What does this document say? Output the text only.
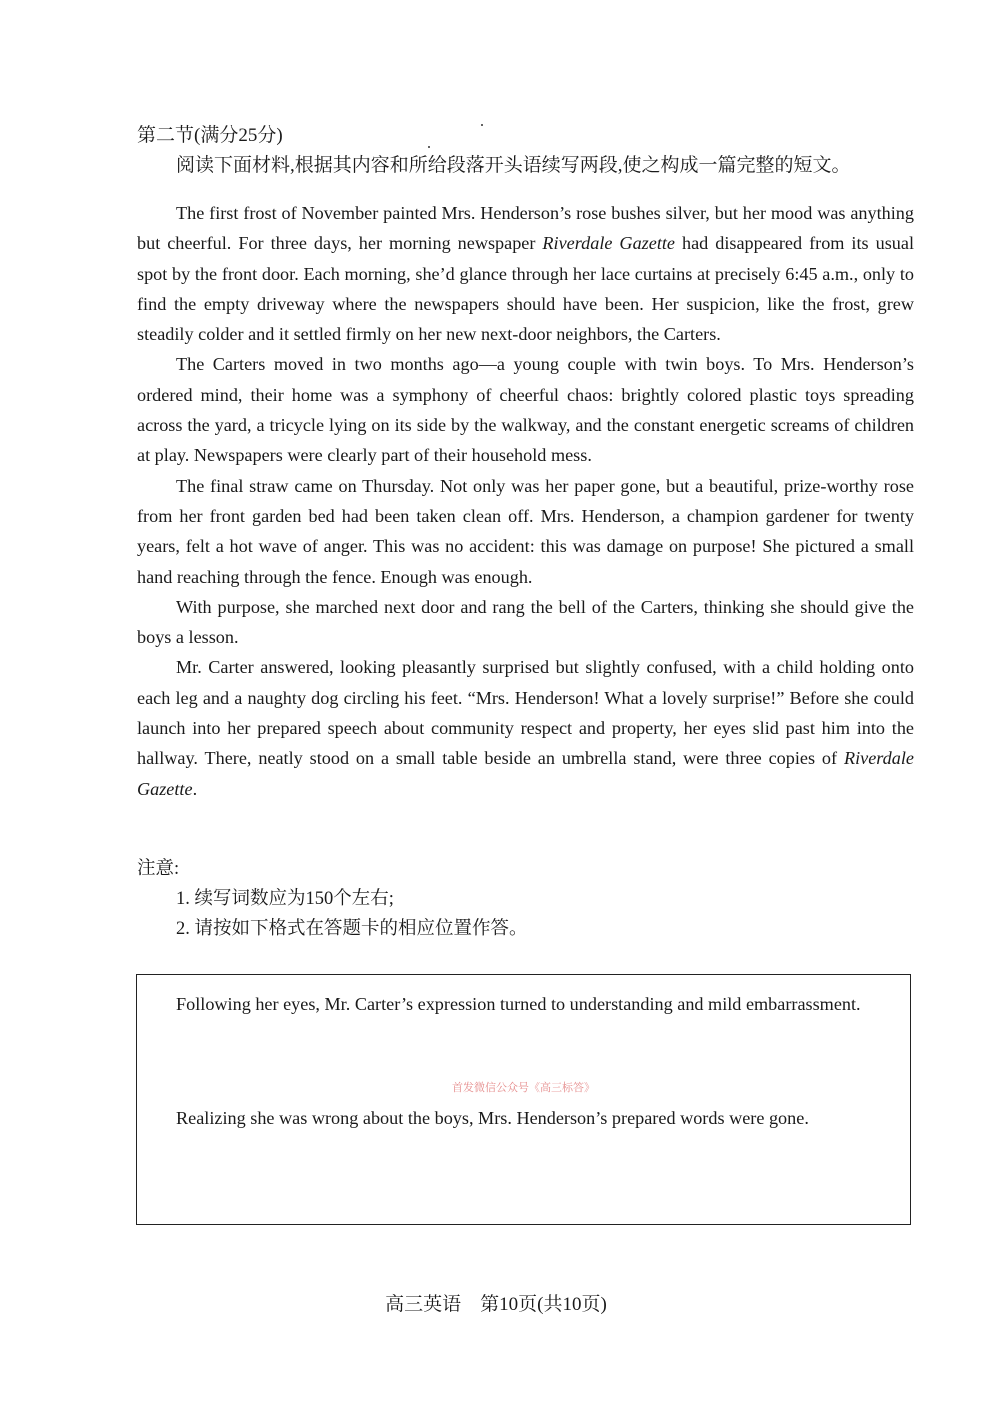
第二节(满分25分)
阅读下面材料,根据其内容和所给段落开头语续写两段,使之构成一篇完整的短文。

The first frost of November painted Mrs. Henderson’s rose bushes silver, but her mood was anything but cheerful. For three days, her morning newspaper Riverdale Gazette had disappeared from its usual spot by the front door. Each morning, she’d glance through her lace curtains at precisely 6:45 a.m., only to find the empty driveway where the newspapers should have been. Her suspicion, like the frost, grew steadily colder and it settled firmly on her new next-door neighbors, the Carters.

The Carters moved in two months ago—a young couple with twin boys. To Mrs. Henderson’s ordered mind, their home was a symphony of cheerful chaos: brightly colored plastic toys spreading across the yard, a tricycle lying on its side by the walkway, and the constant energetic screams of children at play. Newspapers were clearly part of their household mess.

The final straw came on Thursday. Not only was her paper gone, but a beautiful, prize-worthy rose from her front garden bed had been taken clean off. Mrs. Henderson, a champion gardener for twenty years, felt a hot wave of anger. This was no accident: this was damage on purpose! She pictured a small hand reaching through the fence. Enough was enough.

With purpose, she marched next door and rang the bell of the Carters, thinking she should give the boys a lesson.

Mr. Carter answered, looking pleasantly surprised but slightly confused, with a child holding onto each leg and a naughty dog circling his feet. “Mrs. Henderson! What a lovely surprise!” Before she could launch into her prepared speech about community respect and property, her eyes slid past him into the hallway. There, neatly stood on a small table beside an umbrella stand, were three copies of Riverdale Gazette.

注意:
1. 续写词数应为150个左右;
2. 请按如下格式在答题卡的相应位置作答。
Following her eyes, Mr. Carter’s expression turned to understanding and mild embarrassment.
首发微信公众号《高三标答》
Realizing she was wrong about the boys, Mrs. Henderson’s prepared words were gone.
高三英语　第10页(共10页)
